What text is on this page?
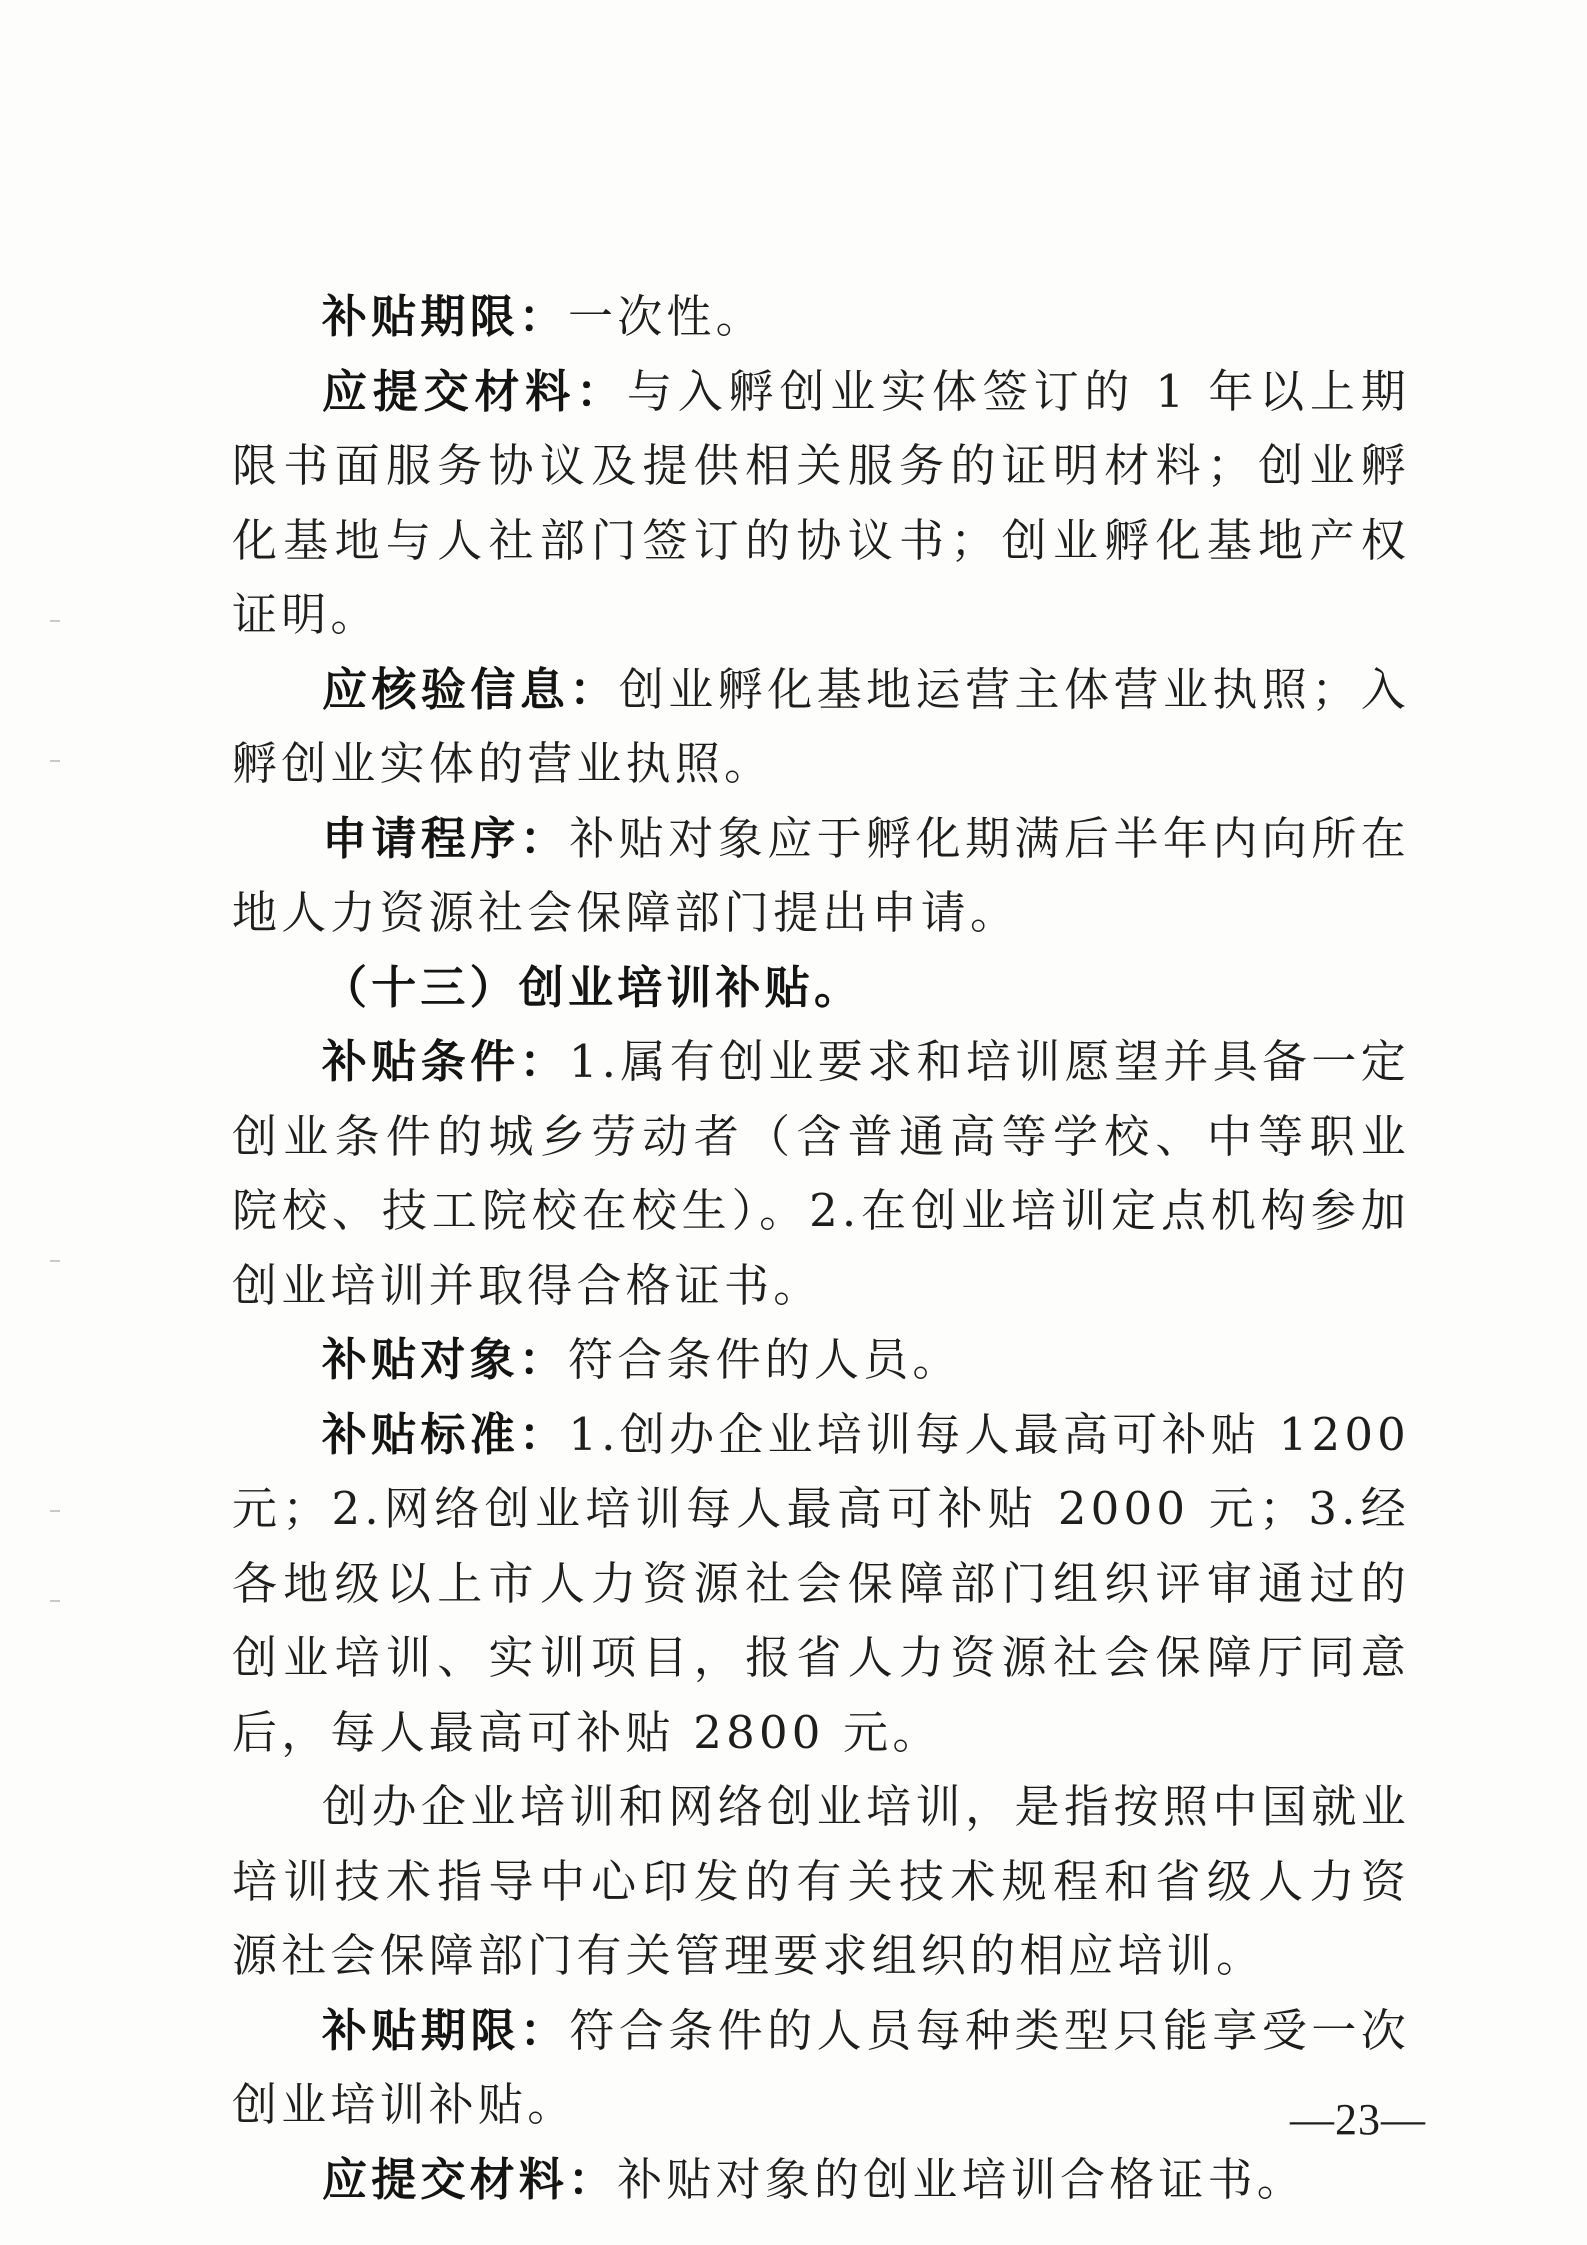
补贴期限：一次性。

应提交材料：与入孵创业实体签订的 1 年以上期限书面服务协议及提供相关服务的证明材料；创业孵化基地与人社部门签订的协议书；创业孵化基地产权证明。

应核验信息：创业孵化基地运营主体营业执照；入孵创业实体的营业执照。

申请程序：补贴对象应于孵化期满后半年内向所在地人力资源社会保障部门提出申请。

（十三）创业培训补贴。

补贴条件：1.属有创业要求和培训愿望并具备一定创业条件的城乡劳动者（含普通高等学校、中等职业院校、技工院校在校生）。2.在创业培训定点机构参加创业培训并取得合格证书。

补贴对象：符合条件的人员。

补贴标准：1.创办企业培训每人最高可补贴 1200 元；2.网络创业培训每人最高可补贴 2000 元；3.经各地级以上市人力资源社会保障部门组织评审通过的创业培训、实训项目，报省人力资源社会保障厅同意后，每人最高可补贴 2800 元。

创办企业培训和网络创业培训，是指按照中国就业培训技术指导中心印发的有关技术规程和省级人力资源社会保障部门有关管理要求组织的相应培训。

补贴期限：符合条件的人员每种类型只能享受一次创业培训补贴。

应提交材料：补贴对象的创业培训合格证书。

—23—
